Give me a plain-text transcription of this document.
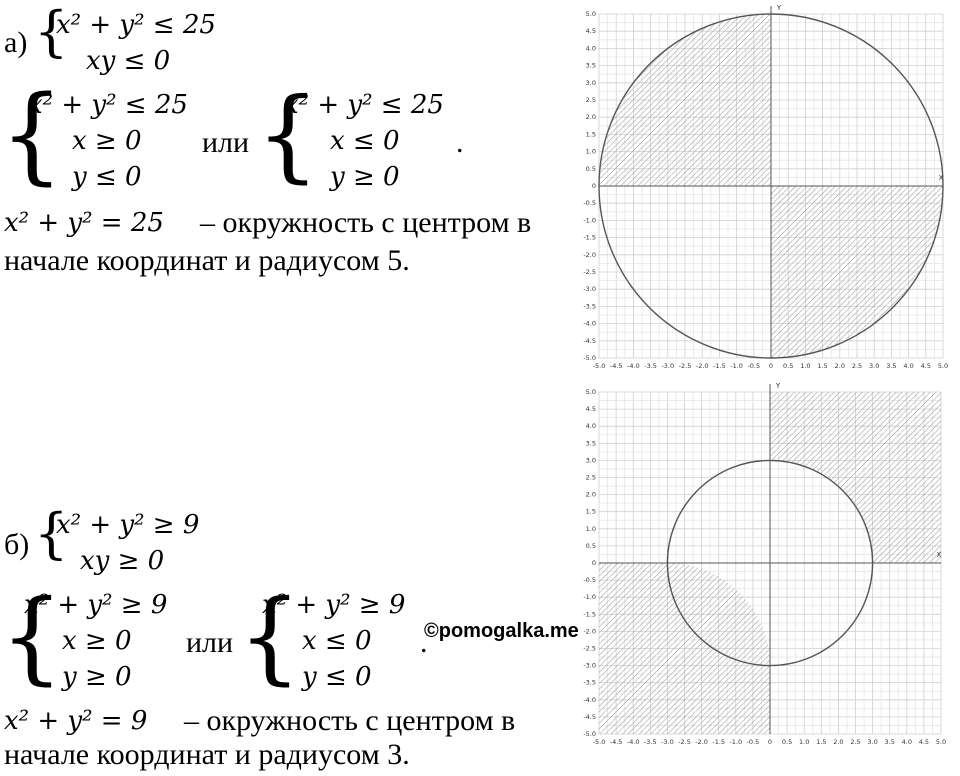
а) {
x² + y² ≤ 25
xy ≤ 0
{
x² + y² ≤ 25
x ≥ 0
y ≤ 0
или {
x² + y² ≤ 25
x ≤ 0
y ≥ 0
.
x² + y² = 25 – окружность с центром в
начале координат и радиусом 5.
б) {
x² + y² ≥ 9
xy ≥ 0
{
x² + y² ≥ 9
x ≥ 0
y ≥ 0
или {
x² + y² ≥ 9
x ≤ 0
y ≤ 0
.
x² + y² = 9 – окружность с центром в
начале координат и радиусом 3.
©pomogalka.me
-5.0
-5.0
-4.5
-4.5
-4.0
-4.0
-3.5
-3.5
-3.0
-3.0
-2.5
-2.5
-2.0
-2.0
-1.5
-1.5
-1.0
-1.0
-0.5
-0.5
0
0
0.5
0.5
1.0
1.0
1.5
1.5
2.0
2.0
2.5
2.5
3.0
3.0
3.5
3.5
4.0
4.0
4.5
4.5
5.0
5.0
X
Y
-5.0
-5.0
-4.5
-4.5
-4.0
-4.0
-3.5
-3.5
-3.0
-3.0
-2.5
-2.5
-2.0
-2.0
-1.5
-1.5
-1.0
-1.0
-0.5
-0.5
0
0
0.5
0.5
1.0
1.0
1.5
1.5
2.0
2.0
2.5
2.5
3.0
3.0
3.5
3.5
4.0
4.0
4.5
4.5
5.0
5.0
X
Y
